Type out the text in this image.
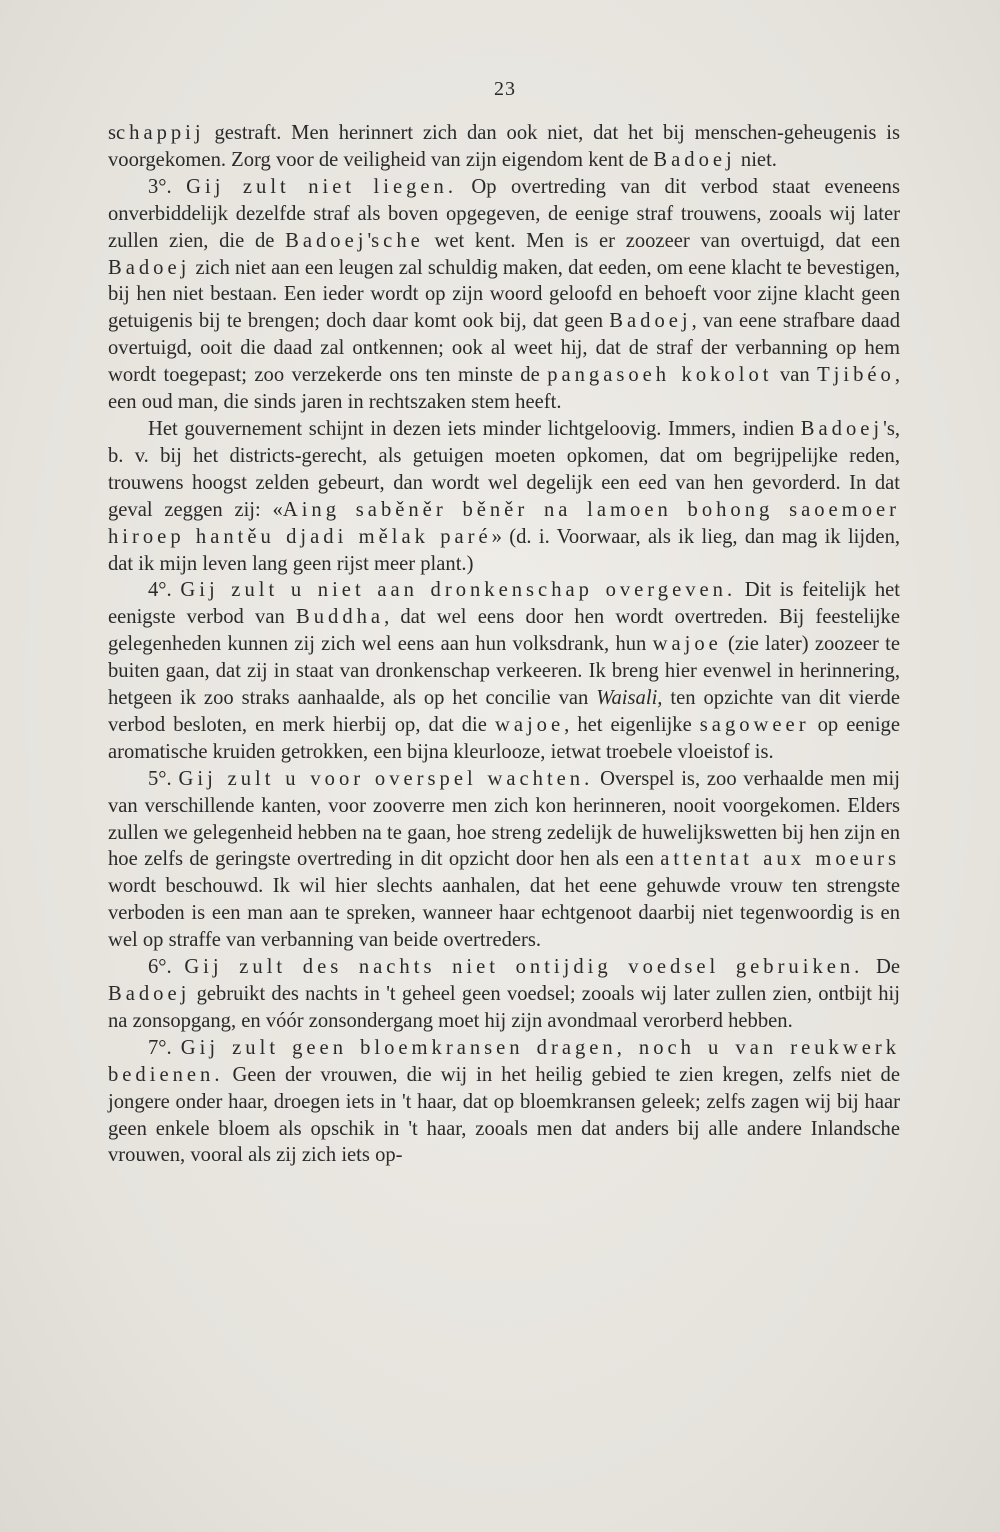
23

schappij gestraft. Men herinnert zich dan ook niet, dat het bij menschen-geheugenis is voorgekomen. Zorg voor de veiligheid van zijn eigendom kent de Badoej niet.

3°. Gij zult niet liegen. Op overtreding van dit verbod staat eveneens onverbiddelijk dezelfde straf als boven opgegeven, de eenige straf trouwens, zooals wij later zullen zien, die de Badoej'sche wet kent. Men is er zoozeer van overtuigd, dat een Badoej zich niet aan een leugen zal schuldig maken, dat eeden, om eene klacht te bevestigen, bij hen niet bestaan. Een ieder wordt op zijn woord geloofd en behoeft voor zijne klacht geen getuigenis bij te brengen; doch daar komt ook bij, dat geen Badoej, van eene strafbare daad overtuigd, ooit die daad zal ontkennen; ook al weet hij, dat de straf der verbanning op hem wordt toegepast; zoo verzekerde ons ten minste de pangasoeh kokolot van Tjibéo, een oud man, die sinds jaren in rechtszaken stem heeft.

Het gouvernement schijnt in dezen iets minder lichtgeloovig. Immers, indien Badoej's, b. v. bij het districts-gerecht, als getuigen moeten opkomen, dat om begrijpelijke reden, trouwens hoogst zelden gebeurt, dan wordt wel degelijk een eed van hen gevorderd. In dat geval zeggen zij: «Aing saběněr běněr na lamoen bohong saoemoer hiroep hantěu djadi mělak paré» (d. i. Voorwaar, als ik lieg, dan mag ik lijden, dat ik mijn leven lang geen rijst meer plant.)

4°. Gij zult u niet aan dronkenschap overgeven. Dit is feitelijk het eenigste verbod van Buddha, dat wel eens door hen wordt overtreden. Bij feestelijke gelegenheden kunnen zij zich wel eens aan hun volksdrank, hun wajoe (zie later) zoozeer te buiten gaan, dat zij in staat van dronkenschap verkeeren. Ik breng hier evenwel in herinnering, hetgeen ik zoo straks aanhaalde, als op het concilie van Waisali, ten opzichte van dit vierde verbod besloten, en merk hierbij op, dat die wajoe, het eigenlijke sagoweer op eenige aromatische kruiden getrokken, een bijna kleurlooze, ietwat troebele vloeistof is.

5°. Gij zult u voor overspel wachten. Overspel is, zoo verhaalde men mij van verschillende kanten, voor zooverre men zich kon herinneren, nooit voorgekomen. Elders zullen we gelegenheid hebben na te gaan, hoe streng zedelijk de huwelijkswetten bij hen zijn en hoe zelfs de geringste overtreding in dit opzicht door hen als een attentat aux moeurs wordt beschouwd. Ik wil hier slechts aanhalen, dat het eene gehuwde vrouw ten strengste verboden is een man aan te spreken, wanneer haar echtgenoot daarbij niet tegenwoordig is en wel op straffe van verbanning van beide overtreders.

6°. Gij zult des nachts niet ontijdig voedsel gebruiken. De Badoej gebruikt des nachts in 't geheel geen voedsel; zooals wij later zullen zien, ontbijt hij na zonsopgang, en vóór zonsondergang moet hij zijn avondmaal verorberd hebben.

7°. Gij zult geen bloemkransen dragen, noch u van reukwerk bedienen. Geen der vrouwen, die wij in het heilig gebied te zien kregen, zelfs niet de jongere onder haar, droegen iets in 't haar, dat op bloemkransen geleek; zelfs zagen wij bij haar geen enkele bloem als opschik in 't haar, zooals men dat anders bij alle andere Inlandsche vrouwen, vooral als zij zich iets op-
